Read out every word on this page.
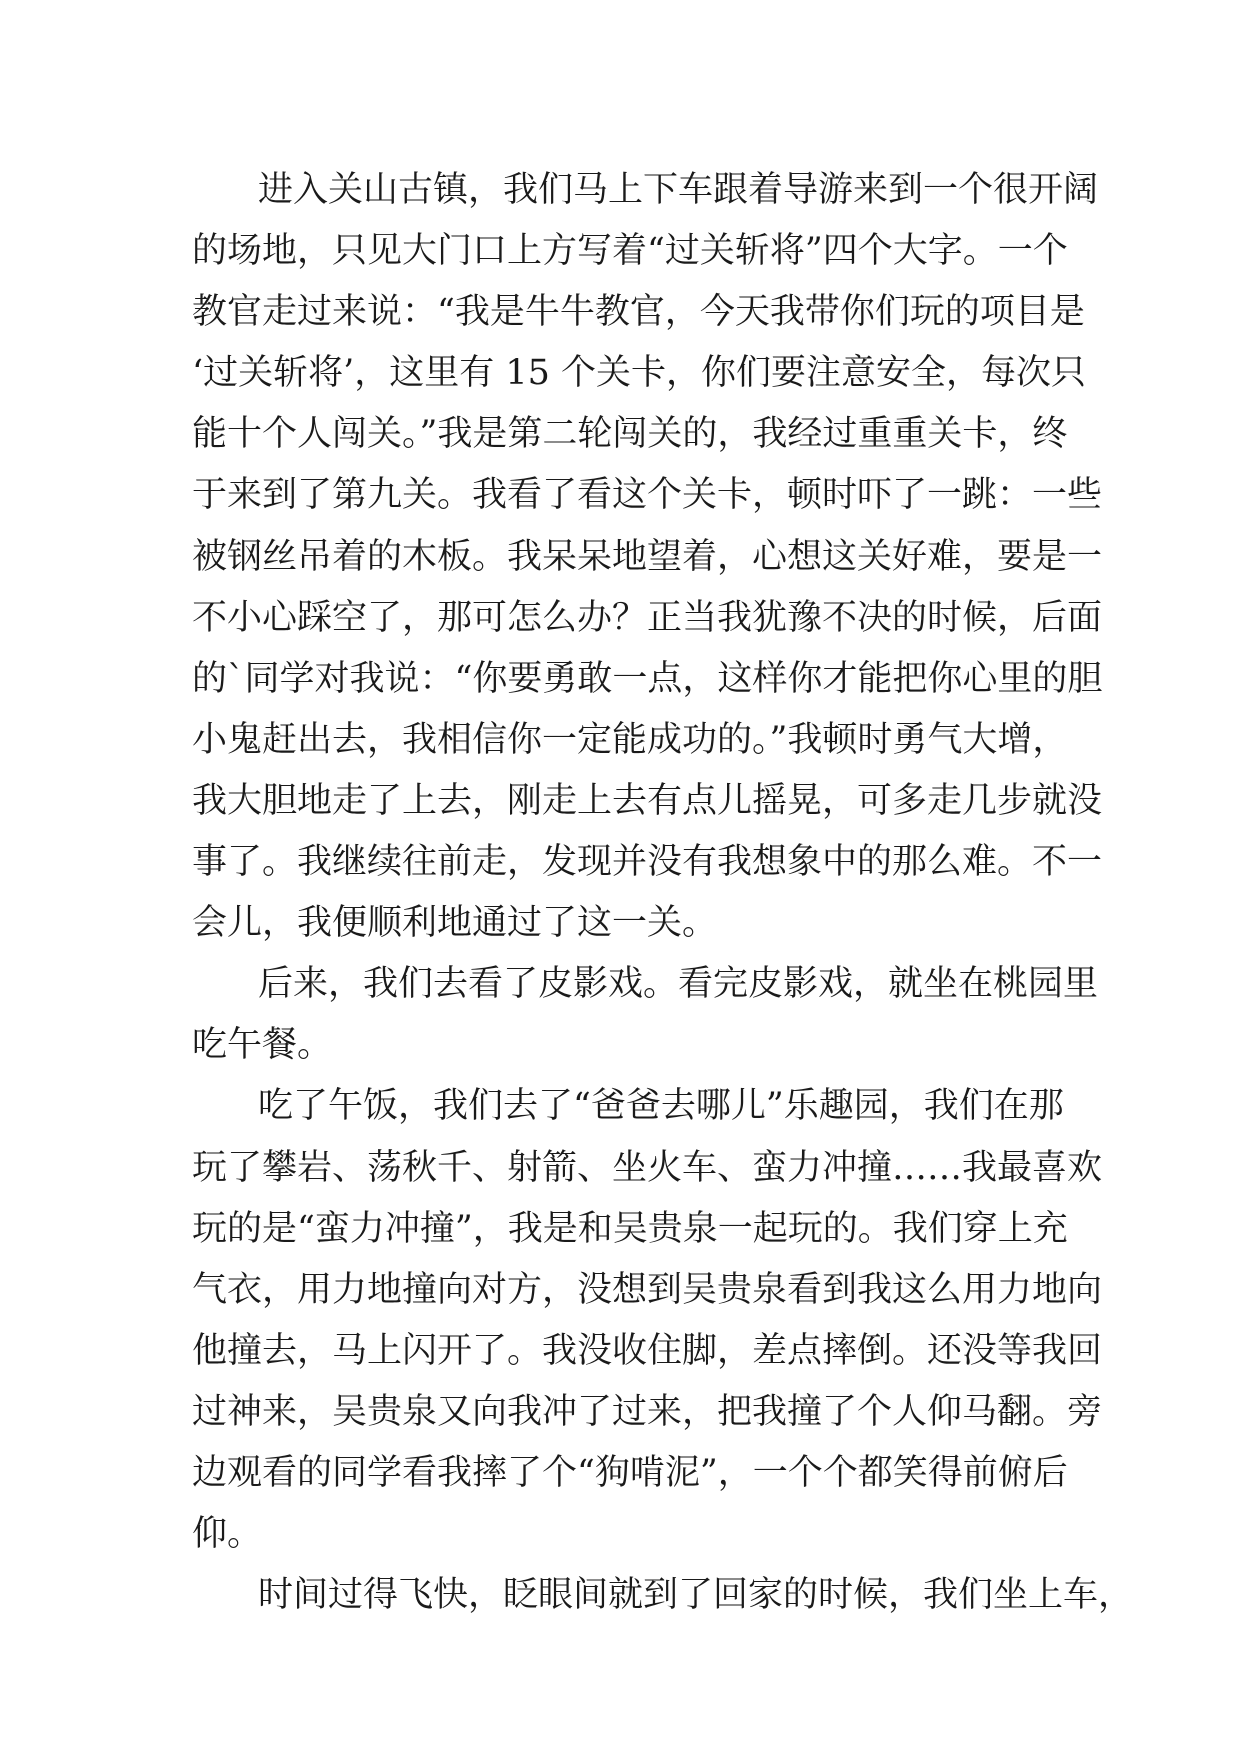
进入关山古镇，我们马上下车跟着导游来到一个很开阔
的场地，只见大门口上方写着“过关斩将”四个大字。一个
教官走过来说：“我是牛牛教官，今天我带你们玩的项目是
‘过关斩将’，这里有 15 个关卡，你们要注意安全，每次只
能十个人闯关。”我是第二轮闯关的，我经过重重关卡，终
于来到了第九关。我看了看这个关卡，顿时吓了一跳：一些
被钢丝吊着的木板。我呆呆地望着，心想这关好难，要是一
不小心踩空了，那可怎么办？正当我犹豫不决的时候，后面
的`同学对我说：“你要勇敢一点，这样你才能把你心里的胆
小鬼赶出去，我相信你一定能成功的。”我顿时勇气大增，
我大胆地走了上去，刚走上去有点儿摇晃，可多走几步就没
事了。我继续往前走，发现并没有我想象中的那么难。不一
会儿，我便顺利地通过了这一关。
后来，我们去看了皮影戏。看完皮影戏，就坐在桃园里
吃午餐。
吃了午饭，我们去了“爸爸去哪儿”乐趣园，我们在那
玩了攀岩、荡秋千、射箭、坐火车、蛮力冲撞……我最喜欢
玩的是“蛮力冲撞”，我是和吴贵泉一起玩的。我们穿上充
气衣，用力地撞向对方，没想到吴贵泉看到我这么用力地向
他撞去，马上闪开了。我没收住脚，差点摔倒。还没等我回
过神来，吴贵泉又向我冲了过来，把我撞了个人仰马翻。旁
边观看的同学看我摔了个“狗啃泥”，一个个都笑得前俯后
仰。
时间过得飞快，眨眼间就到了回家的时候，我们坐上车，
